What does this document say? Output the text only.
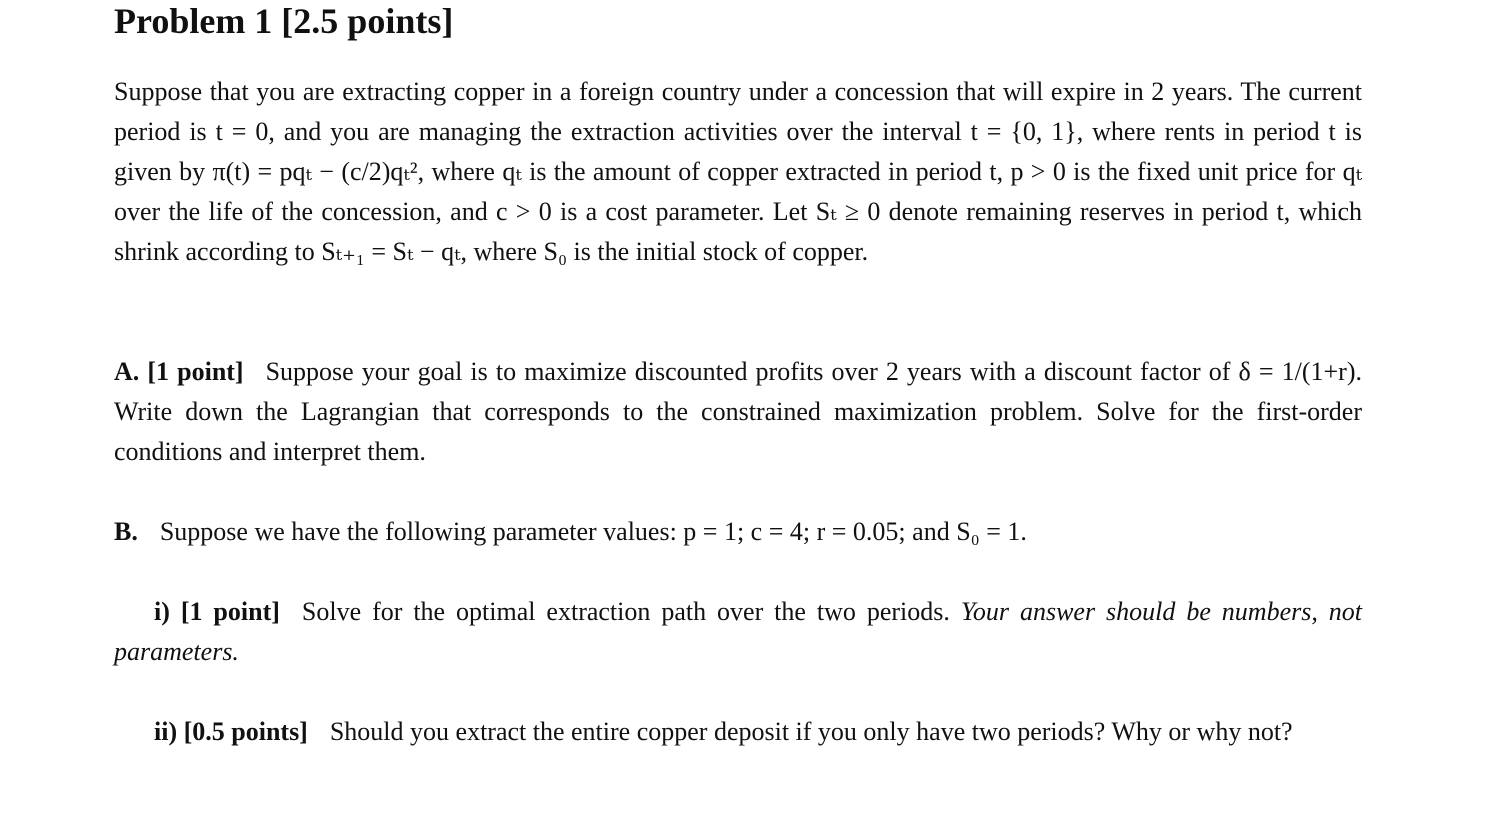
Problem 1 [2.5 points]

Suppose that you are extracting copper in a foreign country under a concession that will expire in 2 years. The current period is t = 0, and you are managing the extraction activities over the interval t = {0, 1}, where rents in period t is given by π(t) = pqₜ − (c/2)qₜ², where qₜ is the amount of copper extracted in period t, p > 0 is the fixed unit price for qₜ over the life of the concession, and c > 0 is a cost parameter. Let Sₜ ≥ 0 denote remaining reserves in period t, which shrink according to Sₜ₊₁ = Sₜ − qₜ, where S₀ is the initial stock of copper.

A. [1 point] Suppose your goal is to maximize discounted profits over 2 years with a discount factor of δ = 1/(1+r). Write down the Lagrangian that corresponds to the constrained maximization problem. Solve for the first-order conditions and interpret them.

B. Suppose we have the following parameter values: p = 1; c = 4; r = 0.05; and S₀ = 1.

i) [1 point] Solve for the optimal extraction path over the two periods. Your answer should be numbers, not parameters.

ii) [0.5 points] Should you extract the entire copper deposit if you only have two periods? Why or why not?
